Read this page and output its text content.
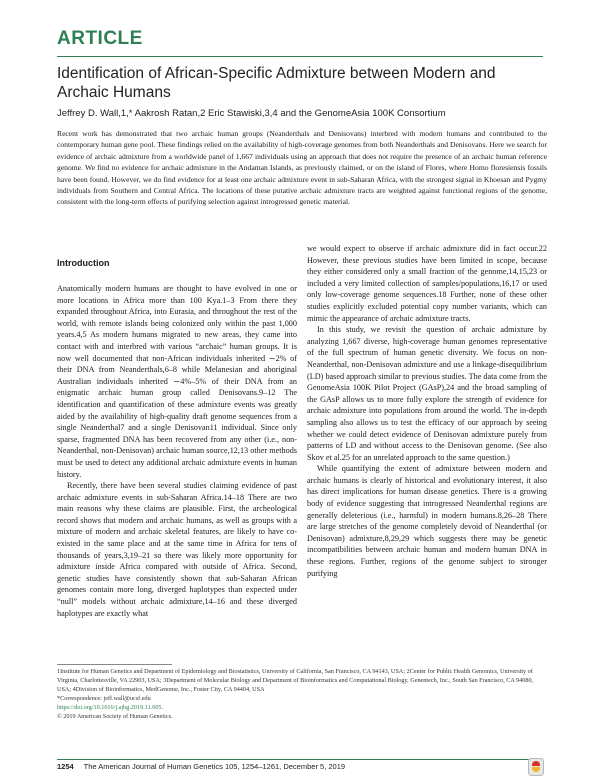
ARTICLE
Identification of African-Specific Admixture between Modern and Archaic Humans
Jeffrey D. Wall,1,* Aakrosh Ratan,2 Eric Stawiski,3,4 and the GenomeAsia 100K Consortium
Recent work has demonstrated that two archaic human groups (Neanderthals and Denisovans) interbred with modern humans and contributed to the contemporary human gene pool. These findings relied on the availability of high-coverage genomes from both Neanderthals and Denisovans. Here we search for evidence of archaic admixture from a worldwide panel of 1,667 individuals using an approach that does not require the presence of an archaic human reference genome. We find no evidence for archaic admixture in the Andaman Islands, as previously claimed, or on the island of Flores, where Homo floresiensis fossils have been found. However, we do find evidence for at least one archaic admixture event in sub-Saharan Africa, with the strongest signal in Khoesan and Pygmy individuals from Southern and Central Africa. The locations of these putative archaic admixture tracts are weighted against functional regions of the genome, consistent with the long-term effects of purifying selection against introgressed genetic material.
Introduction

Anatomically modern humans are thought to have evolved in one or more locations in Africa more than 100 Kya.1–3 From there they expanded throughout Africa, into Eurasia, and throughout the rest of the world, with remote islands being colonized only within the past 1,000 years.4,5 As modern humans migrated to new areas, they came into contact with and interbred with various “archaic” human groups. It is now well documented that non-African individuals inherited ∼2% of their DNA from Neanderthals,6–8 while Melanesian and aboriginal Australian individuals inherited ∼4%–5% of their DNA from an enigmatic archaic human group called Denisovans.9–12 The identification and quantification of these admixture events was greatly aided by the availability of high-quality draft genome sequences from a single Neanderthal7 and a single Denisovan11 individual. Since only sparse, fragmented DNA has been recovered from any other (i.e., non-Neanderthal, non-Denisovan) archaic human source,12,13 other methods must be used to detect any additional archaic admixture events in human history.

Recently, there have been several studies claiming evidence of past archaic admixture events in sub-Saharan Africa.14–18 There are two main reasons why these claims are plausible. First, the archeological record shows that modern and archaic humans, as well as groups with a mixture of modern and archaic skeletal features, are likely to have co-existed in the same place and at the same time in Africa for tens of thousands of years,3,19–21 so there was likely more opportunity for admixture inside Africa compared with outside of Africa. Second, genetic studies have consistently shown that sub-Saharan African genomes contain more long, diverged haplotypes than expected under “null” models without archaic admixture,14–16 and these diverged haplotypes are exactly what

we would expect to observe if archaic admixture did in fact occur.22 However, these previous studies have been limited in scope, because they either considered only a small fraction of the genome,14,15,23 or included a very limited collection of samples/populations,16,17 or used only low-coverage genome sequences.18 Further, none of these other studies explicitly excluded potential copy number variants, which can mimic the appearance of archaic admixture tracts.

In this study, we revisit the question of archaic admixture by analyzing 1,667 diverse, high-coverage human genomes representative of the full spectrum of human genetic diversity. We focus on non-Neanderthal, non-Denisovan admixture and use a linkage-disequilibrium (LD) based approach similar to previous studies. The data come from the GenomeAsia 100K Pilot Project (GAsP),24 and the broad sampling of the GAsP allows us to more fully explore the strength of evidence for archaic admixture into populations from around the world. The in-depth sampling also allows us to test the efficacy of our approach by seeing whether we could detect evidence of Denisovan admixture purely from patterns of LD and without access to the Denisovan genome. (See also Skov et al.25 for an unrelated approach to the same question.)

While quantifying the extent of admixture between modern and archaic humans is clearly of historical and evolutionary interest, it also has direct implications for human disease genetics. There is a growing body of evidence suggesting that introgressed Neanderthal regions are generally deleterious (i.e., harmful) in modern humans.8,26–28 There are large stretches of the genome completely devoid of Neanderthal (or Denisovan) admixture,8,29,29 which suggests there may be genetic incompatibilities between archaic human and modern human DNA in these regions. Further, regions of the genome subject to stronger purifying

1Institute for Human Genetics and Department of Epidemiology and Biostatistics, University of California, San Francisco, CA 94143, USA; 2Center for Public Health Genomics, University of Virginia, Charlottesville, VA 22903, USA; 3Department of Molecular Biology and Department of Bioinformatics and Computational Biology, Genentech, Inc., South San Francisco, CA 94080, USA; 4Division of Bioinformatics, MedGenome, Inc., Foster City, CA 94404, USA
*Correspondence: jeff.wall@ucsf.edu
https://doi.org/10.1016/j.ajhg.2019.11.005.
© 2019 American Society of Human Genetics.
1254 The American Journal of Human Genetics 105, 1254–1261, December 5, 2019
